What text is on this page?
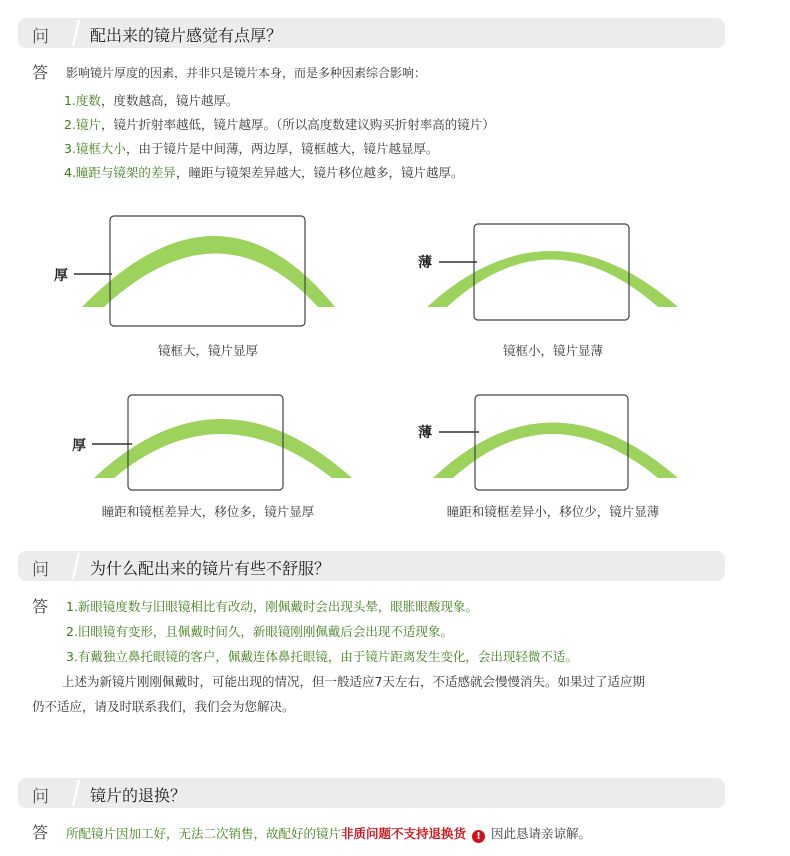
问	配出来的镜片感觉有点厚？
答 影响镜片厚度的因素，并非只是镜片本身，而是多种因素综合影响：
1.度数，度数越高，镜片越厚。
2.镜片，镜片折射率越低，镜片越厚。（所以高度数建议购买折射率高的镜片）
3.镜框大小，由于镜片是中间薄，两边厚，镜框越大，镜片越显厚。
4.瞳距与镜架的差异，瞳距与镜架差异越大，镜片移位越多，镜片越厚。
厚
镜框大，镜片显厚
薄
镜框小，镜片显薄
厚
瞳距和镜框差异大，移位多，镜片显厚
薄
瞳距和镜框差异小，移位少，镜片显薄
问	为什么配出来的镜片有些不舒服？
答 1.新眼镜度数与旧眼镜相比有改动，刚佩戴时会出现头晕，眼胀眼酸现象。
2.旧眼镜有变形，且佩戴时间久，新眼镜刚刚佩戴后会出现不适现象。
3.有戴独立鼻托眼镜的客户，佩戴连体鼻托眼镜，由于镜片距离发生变化，会出现轻微不适。
上述为新镜片刚刚佩戴时，可能出现的情况，但一般适应7天左右，不适感就会慢慢消失。如果过了适应期
仍不适应，请及时联系我们，我们会为您解决。
问	镜片的退换？
答 所配镜片因加工好，无法二次销售，故配好的镜片非质问题不支持退换货 ! 因此恳请亲谅解。
